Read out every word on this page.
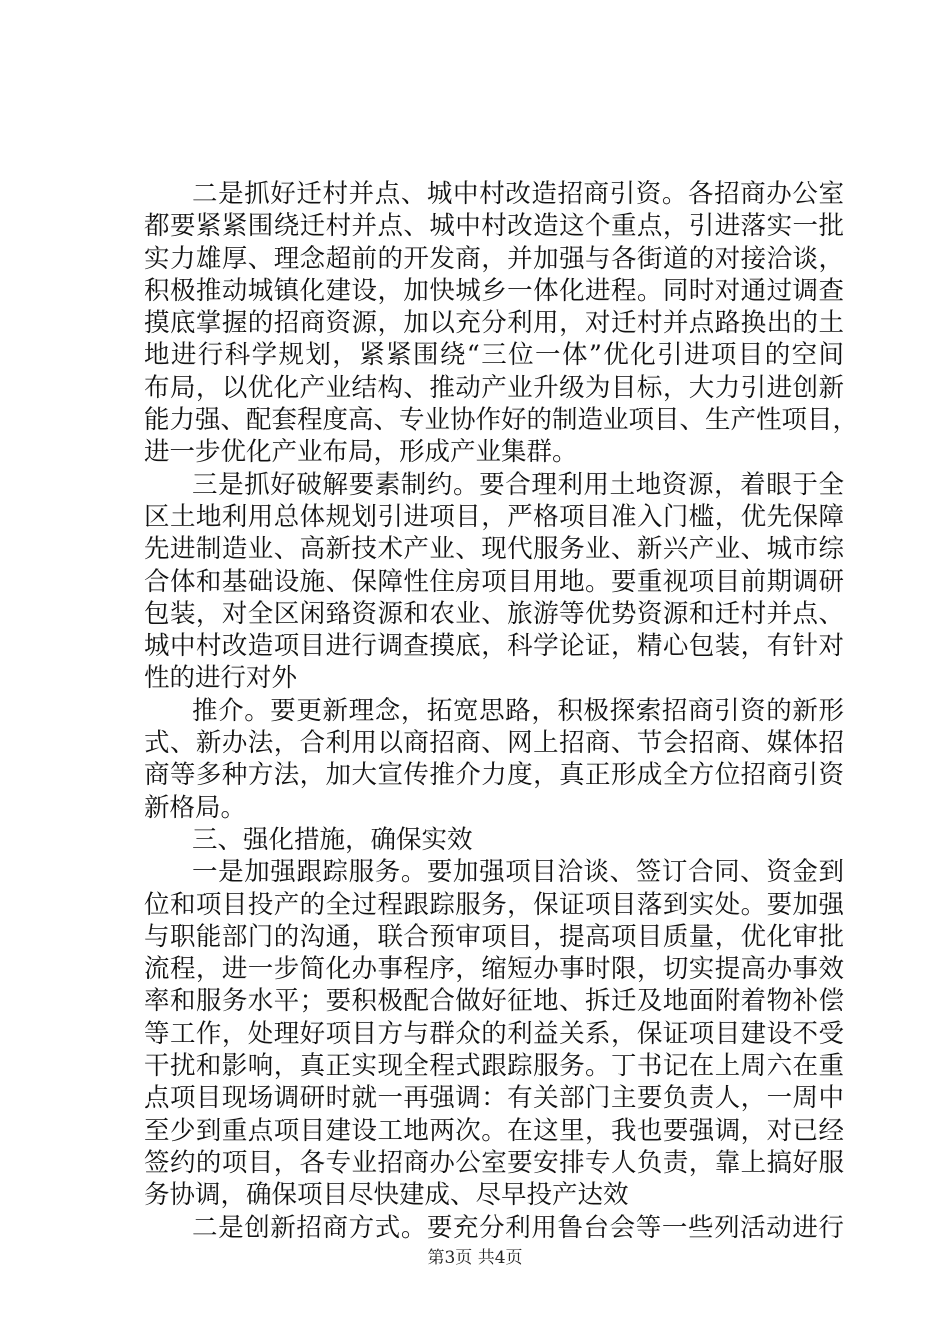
二是抓好迁村并点、城中村改造招商引资。各招商办公室
都要紧紧围绕迁村并点、城中村改造这个重点，引进落实一批
实力雄厚、理念超前的开发商，并加强与各街道的对接洽谈，
积极推动城镇化建设，加快城乡一体化进程。同时对通过调查
摸底掌握的招商资源，加以充分利用，对迁村并点路换出的土
地进行科学规划，紧紧围绕“三位一体”优化引进项目的空间
布局，以优化产业结构、推动产业升级为目标，大力引进创新
能力强、配套程度高、专业协作好的制造业项目、生产性项目，
进一步优化产业布局，形成产业集群。
三是抓好破解要素制约。要合理利用土地资源，着眼于全
区土地利用总体规划引进项目，严格项目准入门槛，优先保障
先进制造业、高新技术产业、现代服务业、新兴产业、城市综
合体和基础设施、保障性住房项目用地。要重视项目前期调研
包装，对全区闲臵资源和农业、旅游等优势资源和迁村并点、
城中村改造项目进行调查摸底，科学论证，精心包装，有针对
性的进行对外
推介。要更新理念，拓宽思路，积极探索招商引资的新形
式、新办法，合利用以商招商、网上招商、节会招商、媒体招
商等多种方法，加大宣传推介力度，真正形成全方位招商引资
新格局。
三、强化措施，确保实效
一是加强跟踪服务。要加强项目洽谈、签订合同、资金到
位和项目投产的全过程跟踪服务，保证项目落到实处。要加强
与职能部门的沟通，联合预审项目，提高项目质量，优化审批
流程，进一步简化办事程序，缩短办事时限，切实提高办事效
率和服务水平；要积极配合做好征地、拆迁及地面附着物补偿
等工作，处理好项目方与群众的利益关系，保证项目建设不受
干扰和影响，真正实现全程式跟踪服务。丁书记在上周六在重
点项目现场调研时就一再强调：有关部门主要负责人，一周中
至少到重点项目建设工地两次。在这里，我也要强调，对已经
签约的项目，各专业招商办公室要安排专人负责，靠上搞好服
务协调，确保项目尽快建成、尽早投产达效
二是创新招商方式。要充分利用鲁台会等一些列活动进行
第3页 共4页
